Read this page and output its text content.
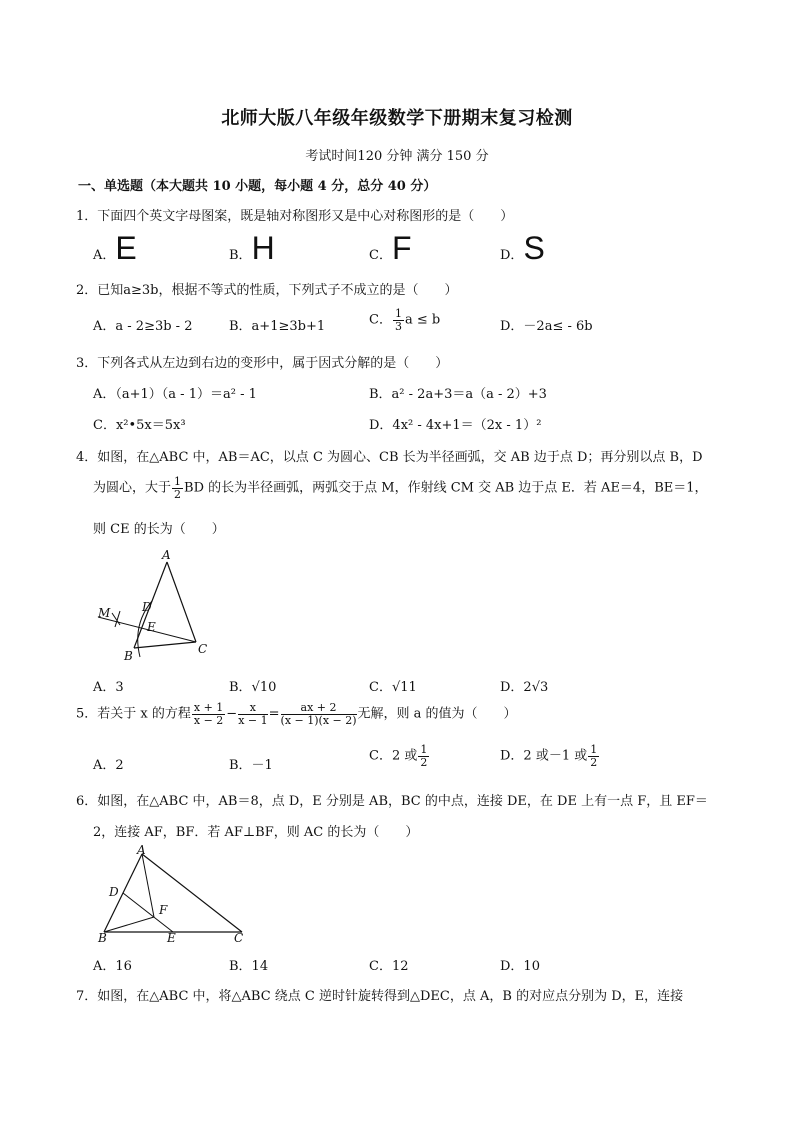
北师大版八年级年级数学下册期末复习检测
考试时间120 分钟 满分 150 分
一、单选题（本大题共 10 小题，每小题 4 分，总分 40 分）
1．下面四个英文字母图案，既是轴对称图形又是中心对称图形的是（　　）
A．E	B．H	C．F	D．S
2．已知a≥3b，根据不等式的性质，下列式子不成立的是（　　）
A．a - 2≥3b - 2	B．a+1≥3b+1	C． $\frac{1}{3}$ a ≤ b	D．－2a≤ - 6b
3．下列各式从左边到右边的变形中，属于因式分解的是（　　）
A．（a+1）（a - 1）＝a² - 1	B．a² - 2a+3＝a（a - 2）+3
C．x²•5x＝5x³	D．4x² - 4x+1＝（2x - 1）²
4．如图，在△ABC 中，AB＝AC，以点 C 为圆心、CB 长为半径画弧，交 AB 边于点 D；再分别以点 B，D
为圆心，大于 $\frac{1}{2}$ BD 的长为半径画弧，两弧交于点 M，作射线 CM 交 AB 边于点 E．若 AE＝4，BE＝1，
则 CE 的长为（　　）
A
M	D
E
B	C
A．3	B．√10	C．√11	D．2√3
5．若关于 x 的方程 $\frac{x + 1}{x - 2} - \frac{x}{x - 1} = \frac{ax + 2}{(x - 1)(x - 2)}$ 无解，则 a 的值为（　　）
A．2	B．－1
C．2 或 $\frac{1}{2}$	D．2 或－1 或 $\frac{1}{2}$
6．如图，在△ABC 中，AB＝8，点 D，E 分别是 AB，BC 的中点，连接 DE，在 DE 上有一点 F，且 EF＝
2，连接 AF，BF．若 AF⊥BF，则 AC 的长为（　　）
A
D
F
B	E	C
A．16	B．14	C．12	D．10
7．如图，在△ABC 中，将△ABC 绕点 C 逆时针旋转得到△DEC，点 A，B 的对应点分别为 D，E，连接
